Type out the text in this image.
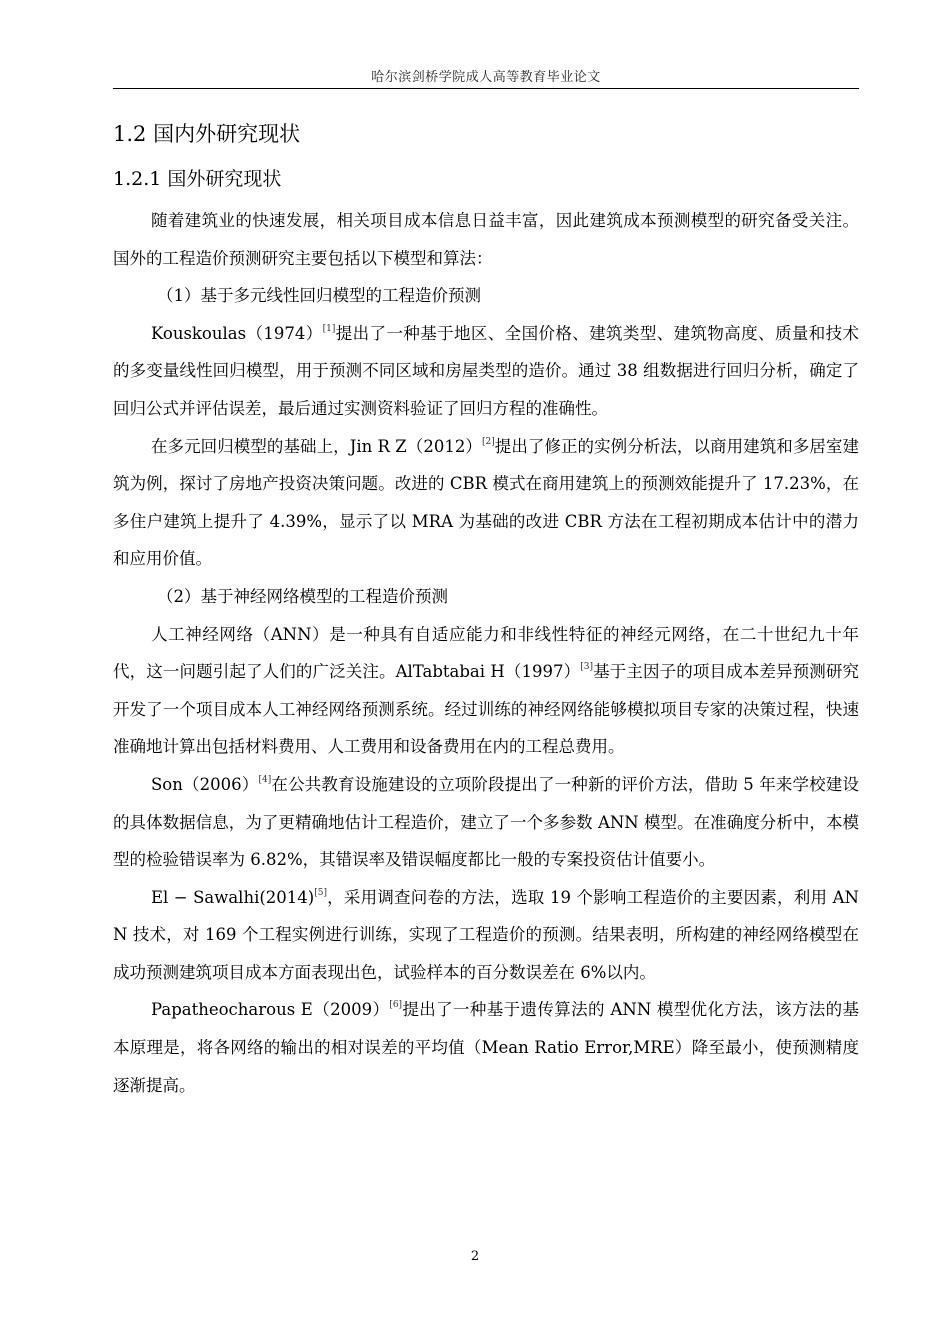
哈尔滨剑桥学院成人高等教育毕业论文
1.2 国内外研究现状
1.2.1 国外研究现状

随着建筑业的快速发展，相关项目成本信息日益丰富，因此建筑成本预测模型的研究备受关注。国外的工程造价预测研究主要包括以下模型和算法：

（1）基于多元线性回归模型的工程造价预测

Kouskoulas（1974）[1]提出了一种基于地区、全国价格、建筑类型、建筑物高度、质量和技术的多变量线性回归模型，用于预测不同区域和房屋类型的造价。通过 38 组数据进行回归分析，确定了回归公式并评估误差，最后通过实测资料验证了回归方程的准确性。

在多元回归模型的基础上，Jin R Z（2012）[2]提出了修正的实例分析法，以商用建筑和多居室建筑为例，探讨了房地产投资决策问题。改进的 CBR 模式在商用建筑上的预测效能提升了 17.23%，在多住户建筑上提升了 4.39%，显示了以 MRA 为基础的改进 CBR 方法在工程初期成本估计中的潜力和应用价值。

（2）基于神经网络模型的工程造价预测

人工神经网络（ANN）是一种具有自适应能力和非线性特征的神经元网络，在二十世纪九十年代，这一问题引起了人们的广泛关注。AlTabtabai H（1997）[3]基于主因子的项目成本差异预测研究开发了一个项目成本人工神经网络预测系统。经过训练的神经网络能够模拟项目专家的决策过程，快速准确地计算出包括材料费用、人工费用和设备费用在内的工程总费用。

Son（2006）[4]在公共教育设施建设的立项阶段提出了一种新的评价方法，借助 5 年来学校建设的具体数据信息，为了更精确地估计工程造价，建立了一个多参数 ANN 模型。在准确度分析中，本模型的检验错误率为 6.82%，其错误率及错误幅度都比一般的专案投资估计值要小。

El − Sawalhi(2014)[5]，采用调查问卷的方法，选取 19 个影响工程造价的主要因素，利用 ANN 技术，对 169 个工程实例进行训练，实现了工程造价的预测。结果表明，所构建的神经网络模型在成功预测建筑项目成本方面表现出色，试验样本的百分数误差在 6%以内。

Papatheocharous E（2009）[6]提出了一种基于遗传算法的 ANN 模型优化方法，该方法的基本原理是，将各网络的输出的相对误差的平均值（Mean Ratio Error,MRE）降至最小，使预测精度逐渐提高。

2
